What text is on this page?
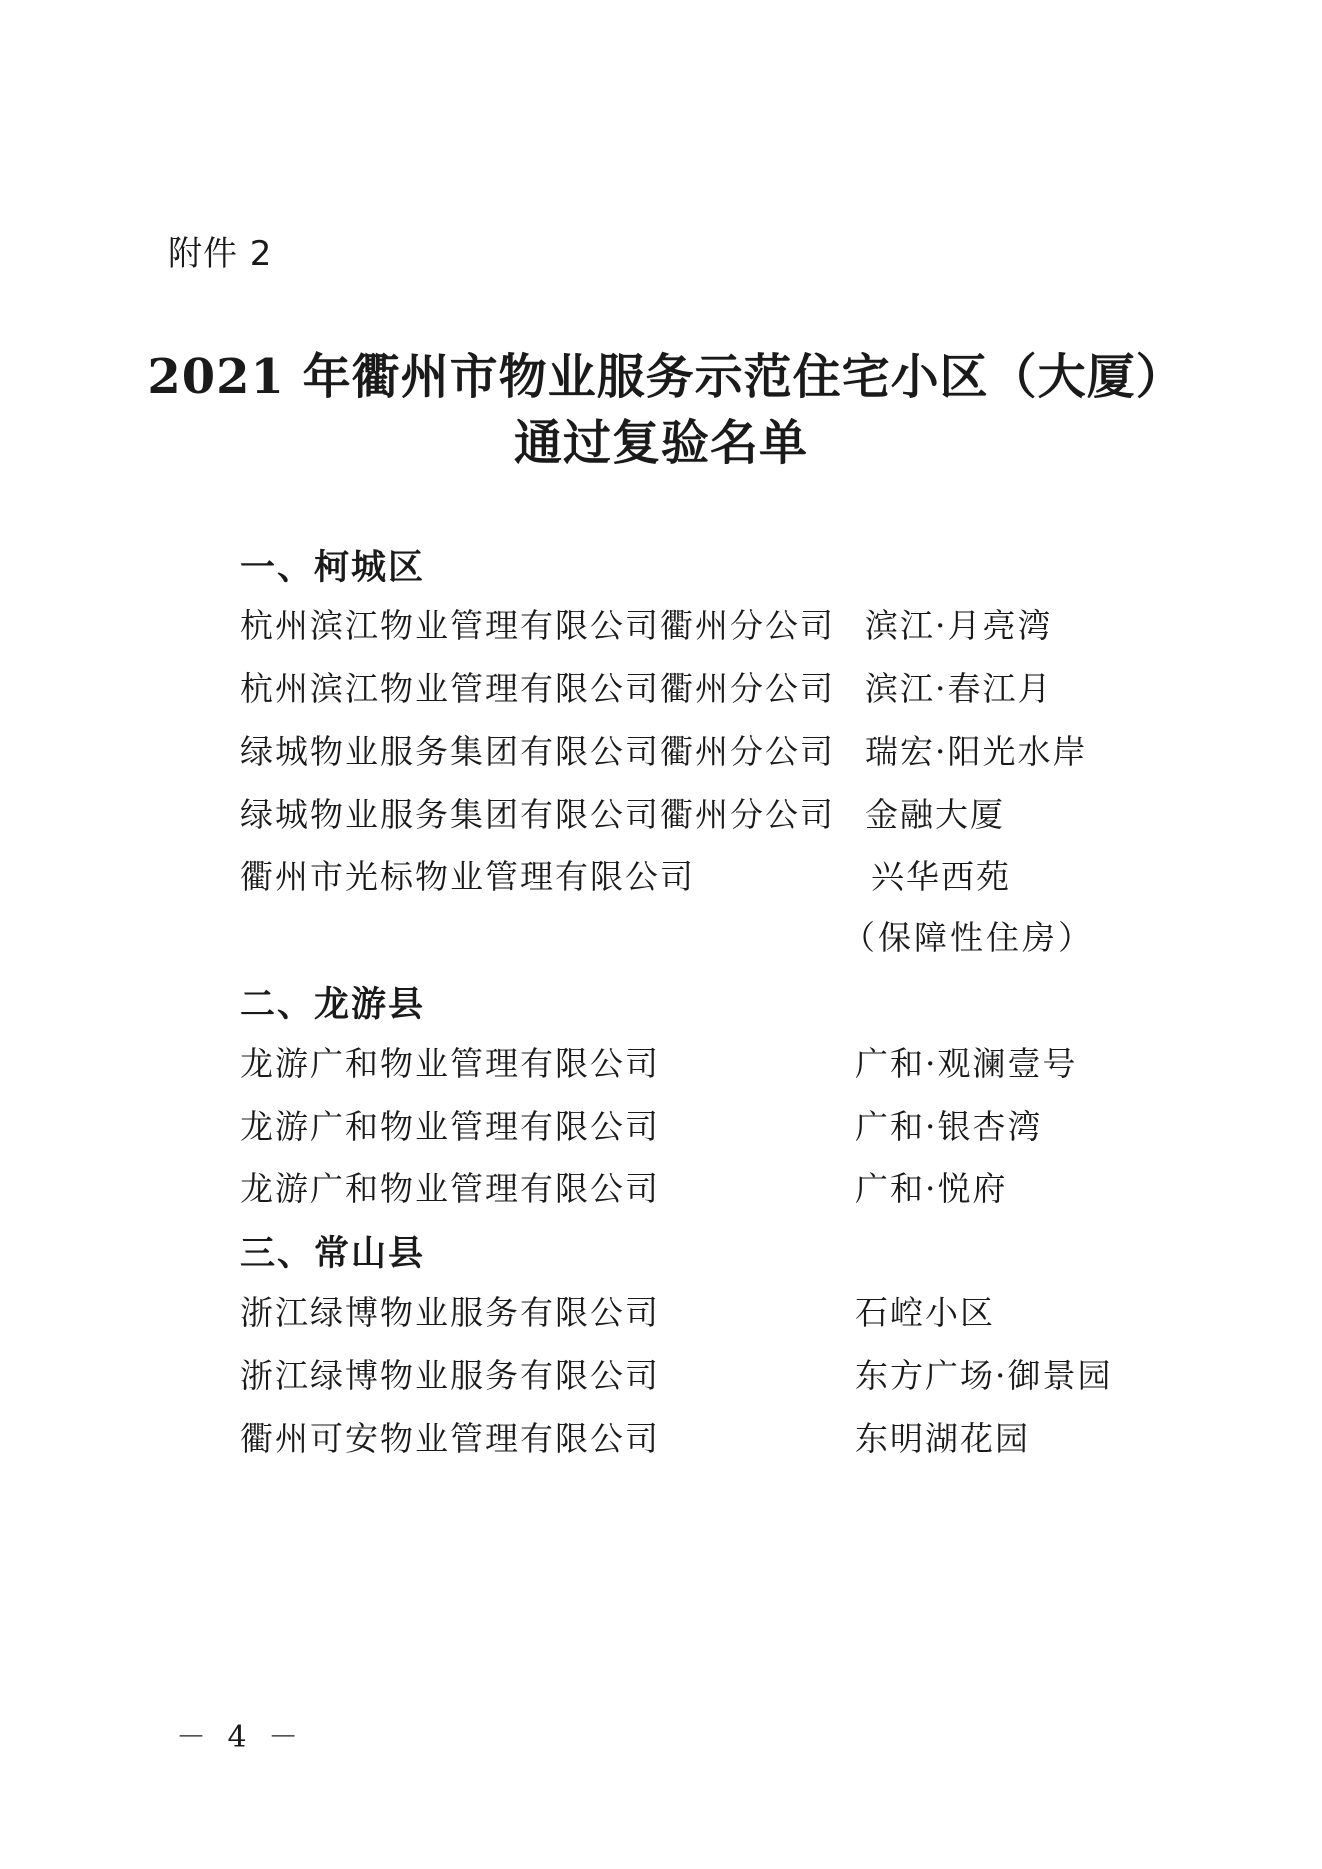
附件 2
2021 年衢州市物业服务示范住宅小区（大厦）
通过复验名单
一、柯城区
杭州滨江物业管理有限公司衢州分公司 滨江·月亮湾
杭州滨江物业管理有限公司衢州分公司 滨江·春江月
绿城物业服务集团有限公司衢州分公司 瑞宏·阳光水岸
绿城物业服务集团有限公司衢州分公司 金融大厦
衢州市光标物业管理有限公司	兴华西苑
（保障性住房）
二、龙游县
龙游广和物业管理有限公司	广和·观澜壹号
龙游广和物业管理有限公司	广和·银杏湾
龙游广和物业管理有限公司	广和·悦府
三、常山县
浙江绿博物业服务有限公司	石崆小区
浙江绿博物业服务有限公司	东方广场·御景园
衢州可安物业管理有限公司	东明湖花园
－ 4 －
